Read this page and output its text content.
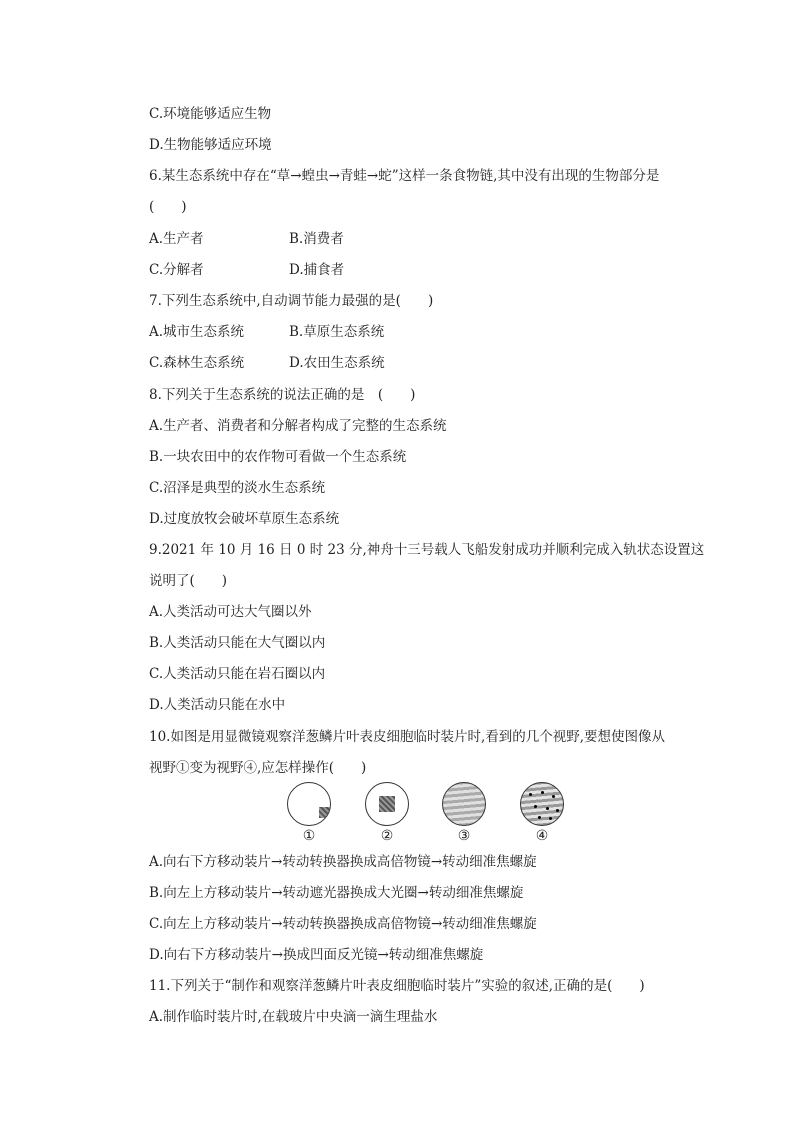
C.环境能够适应生物
D.生物能够适应环境
6.某生态系统中存在“草→蝗虫→青蛙→蛇”这样一条食物链,其中没有出现的生物部分是
(　　)
A.生产者	B.消费者
C.分解者	D.捕食者
7.下列生态系统中,自动调节能力最强的是(　　)
A.城市生态系统	B.草原生态系统
C.森林生态系统	D.农田生态系统
8.下列关于生态系统的说法正确的是　(　　)
A.生产者、消费者和分解者构成了完整的生态系统
B.一块农田中的农作物可看做一个生态系统
C.沼泽是典型的淡水生态系统
D.过度放牧会破坏草原生态系统
9.2021 年 10 月 16 日 0 时 23 分,神舟十三号载人飞船发射成功并顺利完成入轨状态设置这
说明了(　　)
A.人类活动可达大气圈以外
B.人类活动只能在大气圈以内
C.人类活动只能在岩石圈以内
D.人类活动只能在水中
10.如图是用显微镜观察洋葱鳞片叶表皮细胞临时装片时,看到的几个视野,要想使图像从
视野①变为视野④,应怎样操作(　　)
①	②	③	④
A.向右下方移动装片→转动转换器换成高倍物镜→转动细准焦螺旋
B.向左上方移动装片→转动遮光器换成大光圈→转动细准焦螺旋
C.向左上方移动装片→转动转换器换成高倍物镜→转动细准焦螺旋
D.向右下方移动装片→换成凹面反光镜→转动细准焦螺旋
11.下列关于“制作和观察洋葱鳞片叶表皮细胞临时装片”实验的叙述,正确的是(　　)
A.制作临时装片时,在载玻片中央滴一滴生理盐水
